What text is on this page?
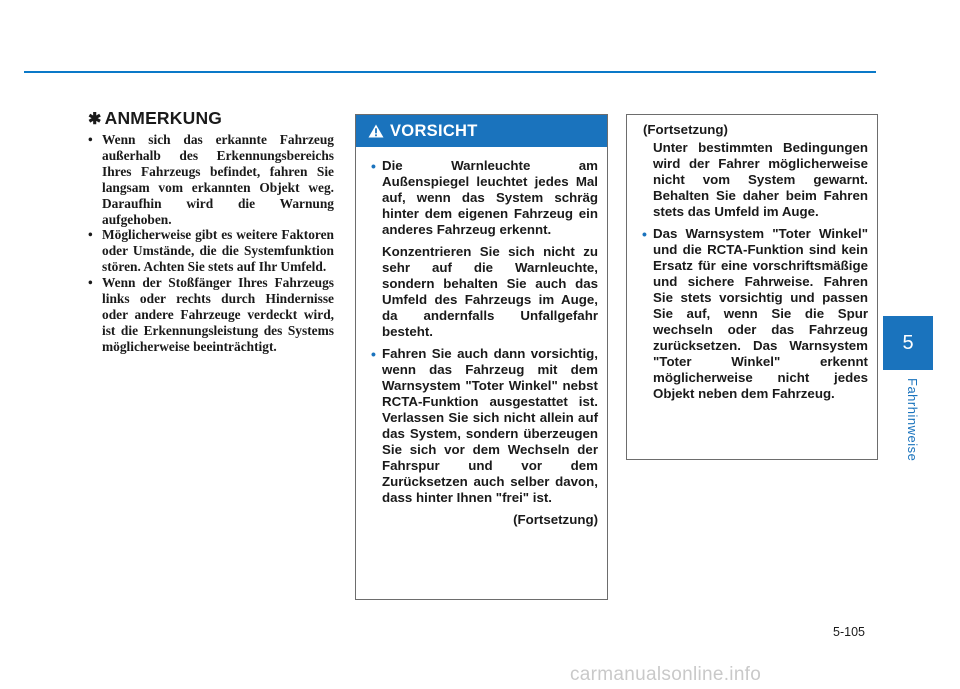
✱ ANMERKUNG
• Wenn sich das erkannte Fahrzeug außerhalb des Erkennungsbereichs Ihres Fahrzeugs befindet, fahren Sie langsam vom erkannten Objekt weg. Daraufhin wird die Warnung aufgehoben.
• Möglicherweise gibt es weitere Faktoren oder Umstände, die die Systemfunktion stören. Achten Sie stets auf Ihr Umfeld.
• Wenn der Stoßfänger Ihres Fahrzeugs links oder rechts durch Hindernisse oder andere Fahrzeuge verdeckt wird, ist die Erkennungsleistung des Systems möglicherweise beeinträchtigt.
VORSICHT

• Die Warnleuchte am Außenspiegel leuchtet jedes Mal auf, wenn das System schräg hinter dem eigenen Fahrzeug ein anderes Fahrzeug erkennt.

Konzentrieren Sie sich nicht zu sehr auf die Warnleuchte, sondern behalten Sie auch das Umfeld des Fahrzeugs im Auge, da andernfalls Unfallgefahr besteht.

• Fahren Sie auch dann vorsichtig, wenn das Fahrzeug mit dem Warnsystem "Toter Winkel" nebst RCTA-Funktion ausgestattet ist. Verlassen Sie sich nicht allein auf das System, sondern überzeugen Sie sich vor dem Wechseln der Fahrspur und vor dem Zurücksetzen auch selber davon, dass hinter Ihnen "frei" ist.

(Fortsetzung)
(Fortsetzung)

Unter bestimmten Bedingungen wird der Fahrer möglicherweise nicht vom System gewarnt. Behalten Sie daher beim Fahren stets das Umfeld im Auge.

• Das Warnsystem "Toter Winkel" und die RCTA-Funktion sind kein Ersatz für eine vorschriftsmäßige und sichere Fahrweise. Fahren Sie stets vorsichtig und passen Sie auf, wenn Sie die Spur wechseln oder das Fahrzeug zurücksetzen. Das Warnsystem "Toter Winkel" erkennt möglicherweise nicht jedes Objekt neben dem Fahrzeug.

5
Fahrhinweise
5-105
carmanualsonline.info
